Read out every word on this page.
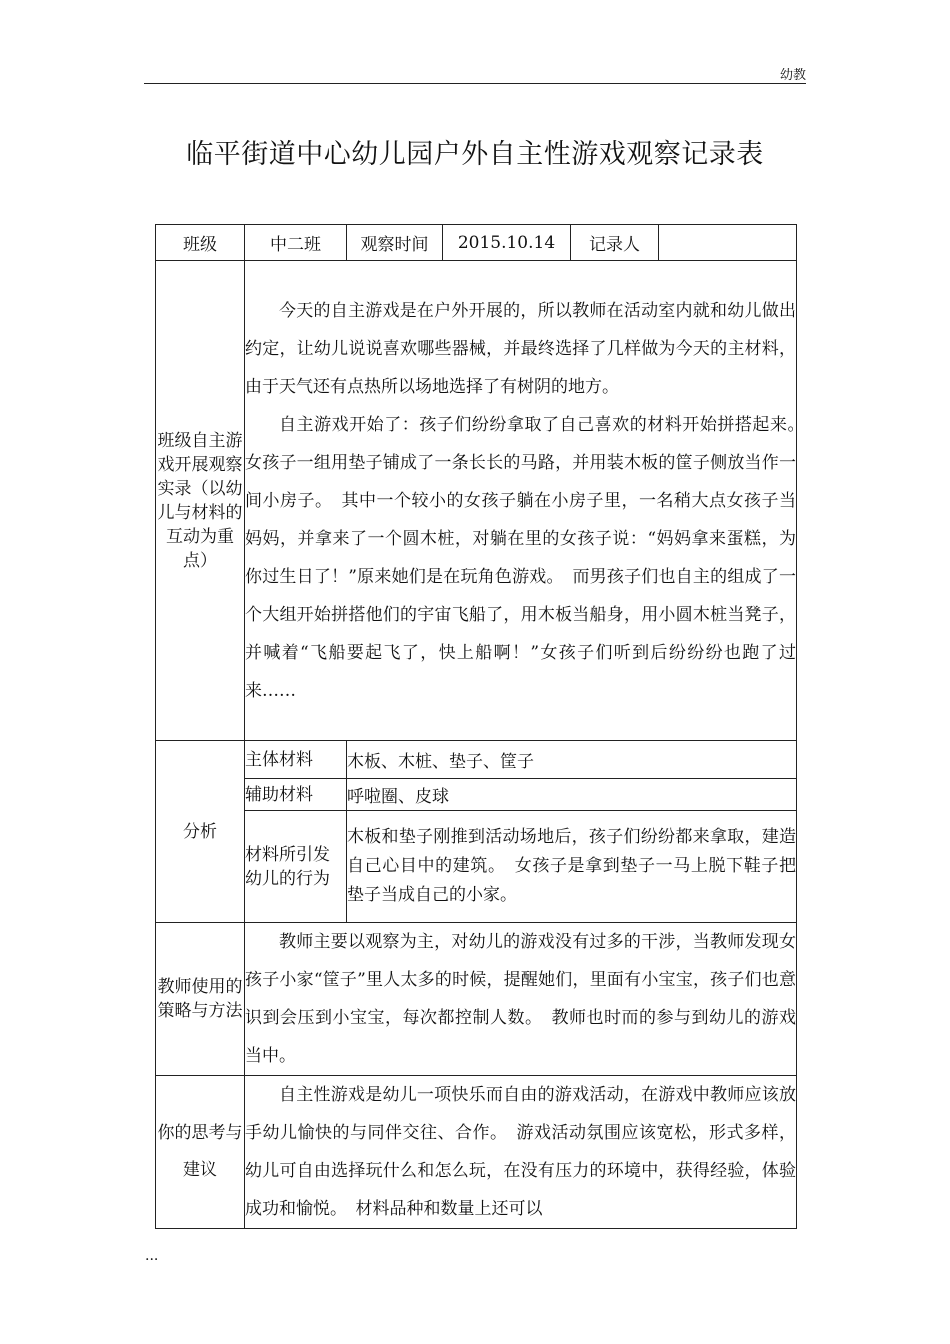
幼教
临平街道中心幼儿园户外自主性游戏观察记录表
班级	中二班	观察时间	2015.10.14	记录人	
班级自主游戏开展观察实录（以幼儿与材料的互动为重点）	今天的自主游戏是在户外开展的，所以教师在活动室内就和幼儿做出约定，让幼儿说说喜欢哪些器械，并最终选择了几样做为今天的主材料，由于天气还有点热所以场地选择了有树阴的地方。

自主游戏开始了：孩子们纷纷拿取了自己喜欢的材料开始拼搭起来。　女孩子一组用垫子铺成了一条长长的马路，并用装木板的筐子侧放当作一间小房子。　其中一个较小的女孩子躺在小房子里，一名稍大点女孩子当妈妈，并拿来了一个圆木桩，对躺在里的女孩子说：“妈妈拿来蛋糕，为你过生日了！”原来她们是在玩角色游戏。　而男孩子们也自主的组成了一个大组开始拼搭他们的宇宙飞船了，用木板当船身，用小圆木桩当凳子，并喊着“飞船要起飞了，快上船啊！”女孩子们听到后纷纷纷也跑了过来……				

分析	主体材料	木板、木桩、垫子、筐子			
	辅助材料	呼啦圈、皮球			
	材料所引发幼儿的行为	木板和垫子刚推到活动场地后，孩子们纷纷都来拿取，建造自己心目中的建筑。　女孩子是拿到垫子一马上脱下鞋子把垫子当成自己的小家。			
教师使用的策略与方法	教师主要以观察为主，对幼儿的游戏没有过多的干涉，当教师发现女孩子小家“筐子”里人太多的时候，提醒她们，里面有小宝宝，孩子们也意识到会压到小宝宝，每次都控制人数。　教师也时而的参与到幼儿的游戏当中。				

你的思考与建议	自主性游戏是幼儿一项快乐而自由的游戏活动，在游戏中教师应该放手幼儿愉快的与同伴交往、合作。　游戏活动氛围应该宽松，形式多样，幼儿可自由选择玩什么和怎么玩，在没有压力的环境中，获得经验，体验成功和愉悦。　材料品种和数量上还可以				

...
